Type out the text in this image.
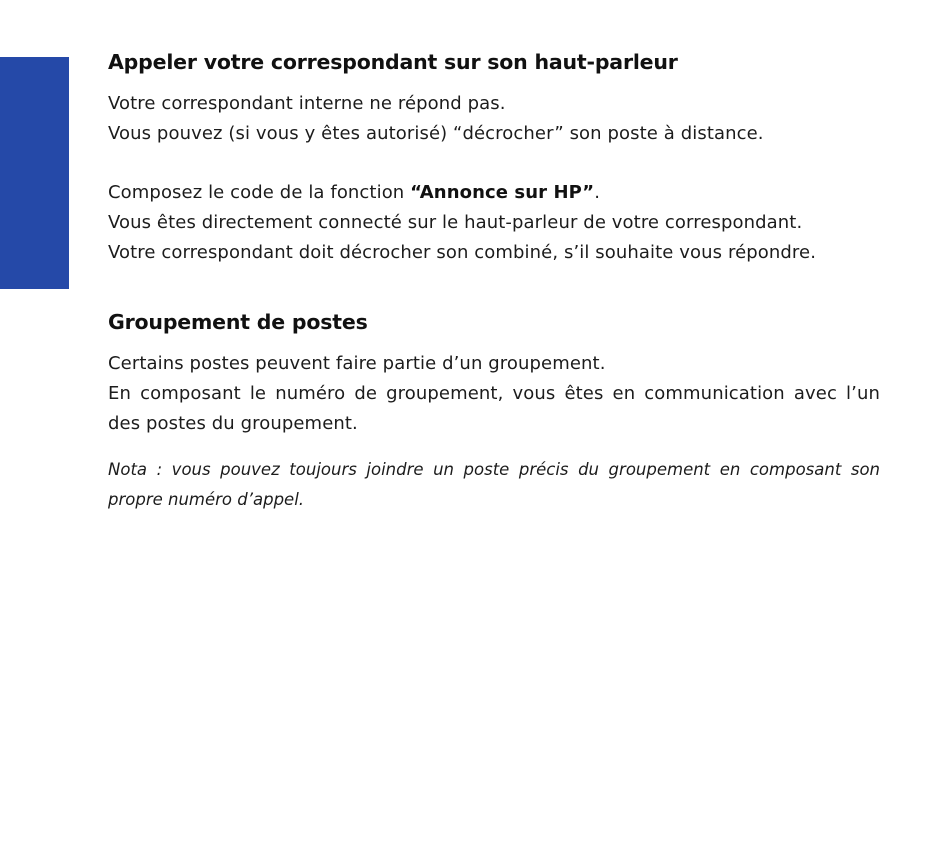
Appeler votre correspondant sur son haut-parleur

Votre correspondant interne ne répond pas.

Vous pouvez (si vous y êtes autorisé) “décrocher” son poste à distance.

Composez le code de la fonction “Annonce sur HP”.

Vous êtes directement connecté sur le haut-parleur de votre correspondant.

Votre correspondant doit décrocher son combiné, s’il souhaite vous répondre.

Groupement de postes

Certains postes peuvent faire partie d’un groupement.

En composant le numéro de groupement, vous êtes en communication avec l’un des postes du groupement.

Nota : vous pouvez toujours joindre un poste précis du groupement en composant son propre numéro d’appel.
